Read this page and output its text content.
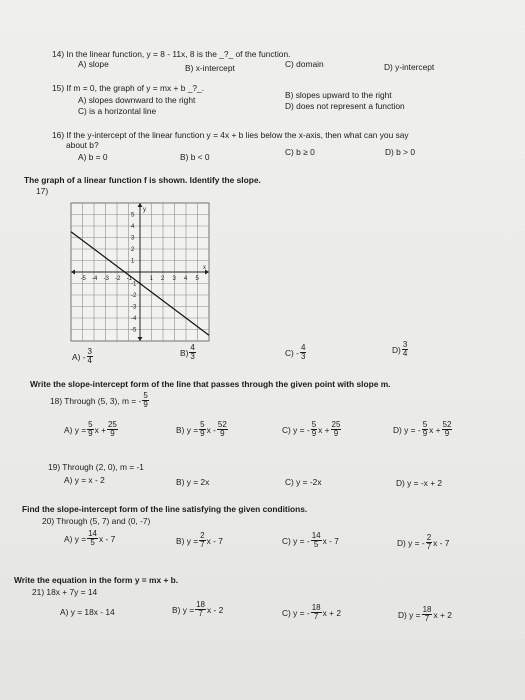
14) In the linear function, y = 8 - 11x, 8 is the _?_ of the function.
A) slope	B) x-intercept	C) domain	D) y-intercept
15) If m = 0, the graph of y = mx + b _?_.
A) slopes downward to the right	B) slopes upward to the right
C) is a horizontal line	D) does not represent a function
16) If the y-intercept of the linear function y = 4x + b lies below the x-axis, then what can you say
about b?
A) b = 0	B) b < 0	C) b ≥ 0	D) b > 0
The graph of a linear function f is shown. Identify the slope.
17)
-5 -4 -3 -2 -1	1 2 3 4 5
5
4
3
2
1
-1
-2
-3
-4
-5
x
y
$A) - \frac{3}{4}$	$B) \frac{4}{3}$	$C) - \frac{4}{3}$	$D) \frac{3}{4}$
Write the slope-intercept form of the line that passes through the given point with slope m.
18) Through (5, 3), m = - $\frac{5}{9}$
A) $y = \frac{5}{9}$ $x + \frac{25}{9}$	B) $y = \frac{5}{9}$ x - $\frac{52}{9}$	C) y = - $\frac{5}{9}$ $x + \frac{25}{9}$	D) y = - $\frac{5}{9}$ $x + \frac{52}{9}$
19) Through (2, 0), m = -1
A) y = x - 2	B) y = 2x	C) y = -2x	D) y = -x + 2
Find the slope-intercept form of the line satisfying the given conditions.
20) Through (5, 7) and (0, -7)
A) $y = \frac{14}{5}$ x - 7	B) $y = \frac{2}{7}$ x - 7	C) y = - $\frac{14}{5}$ x - 7	D) y = - $\frac{2}{7}$ x - 7
Write the equation in the form y = mx + b.
21) 18x + 7y = 14
A) y = 18x - 14	B) $y = \frac{18}{7}$ x - 2	C) y = - $\frac{18}{7}$ x + 2	D) $y = \frac{18}{7}$ x + 2
